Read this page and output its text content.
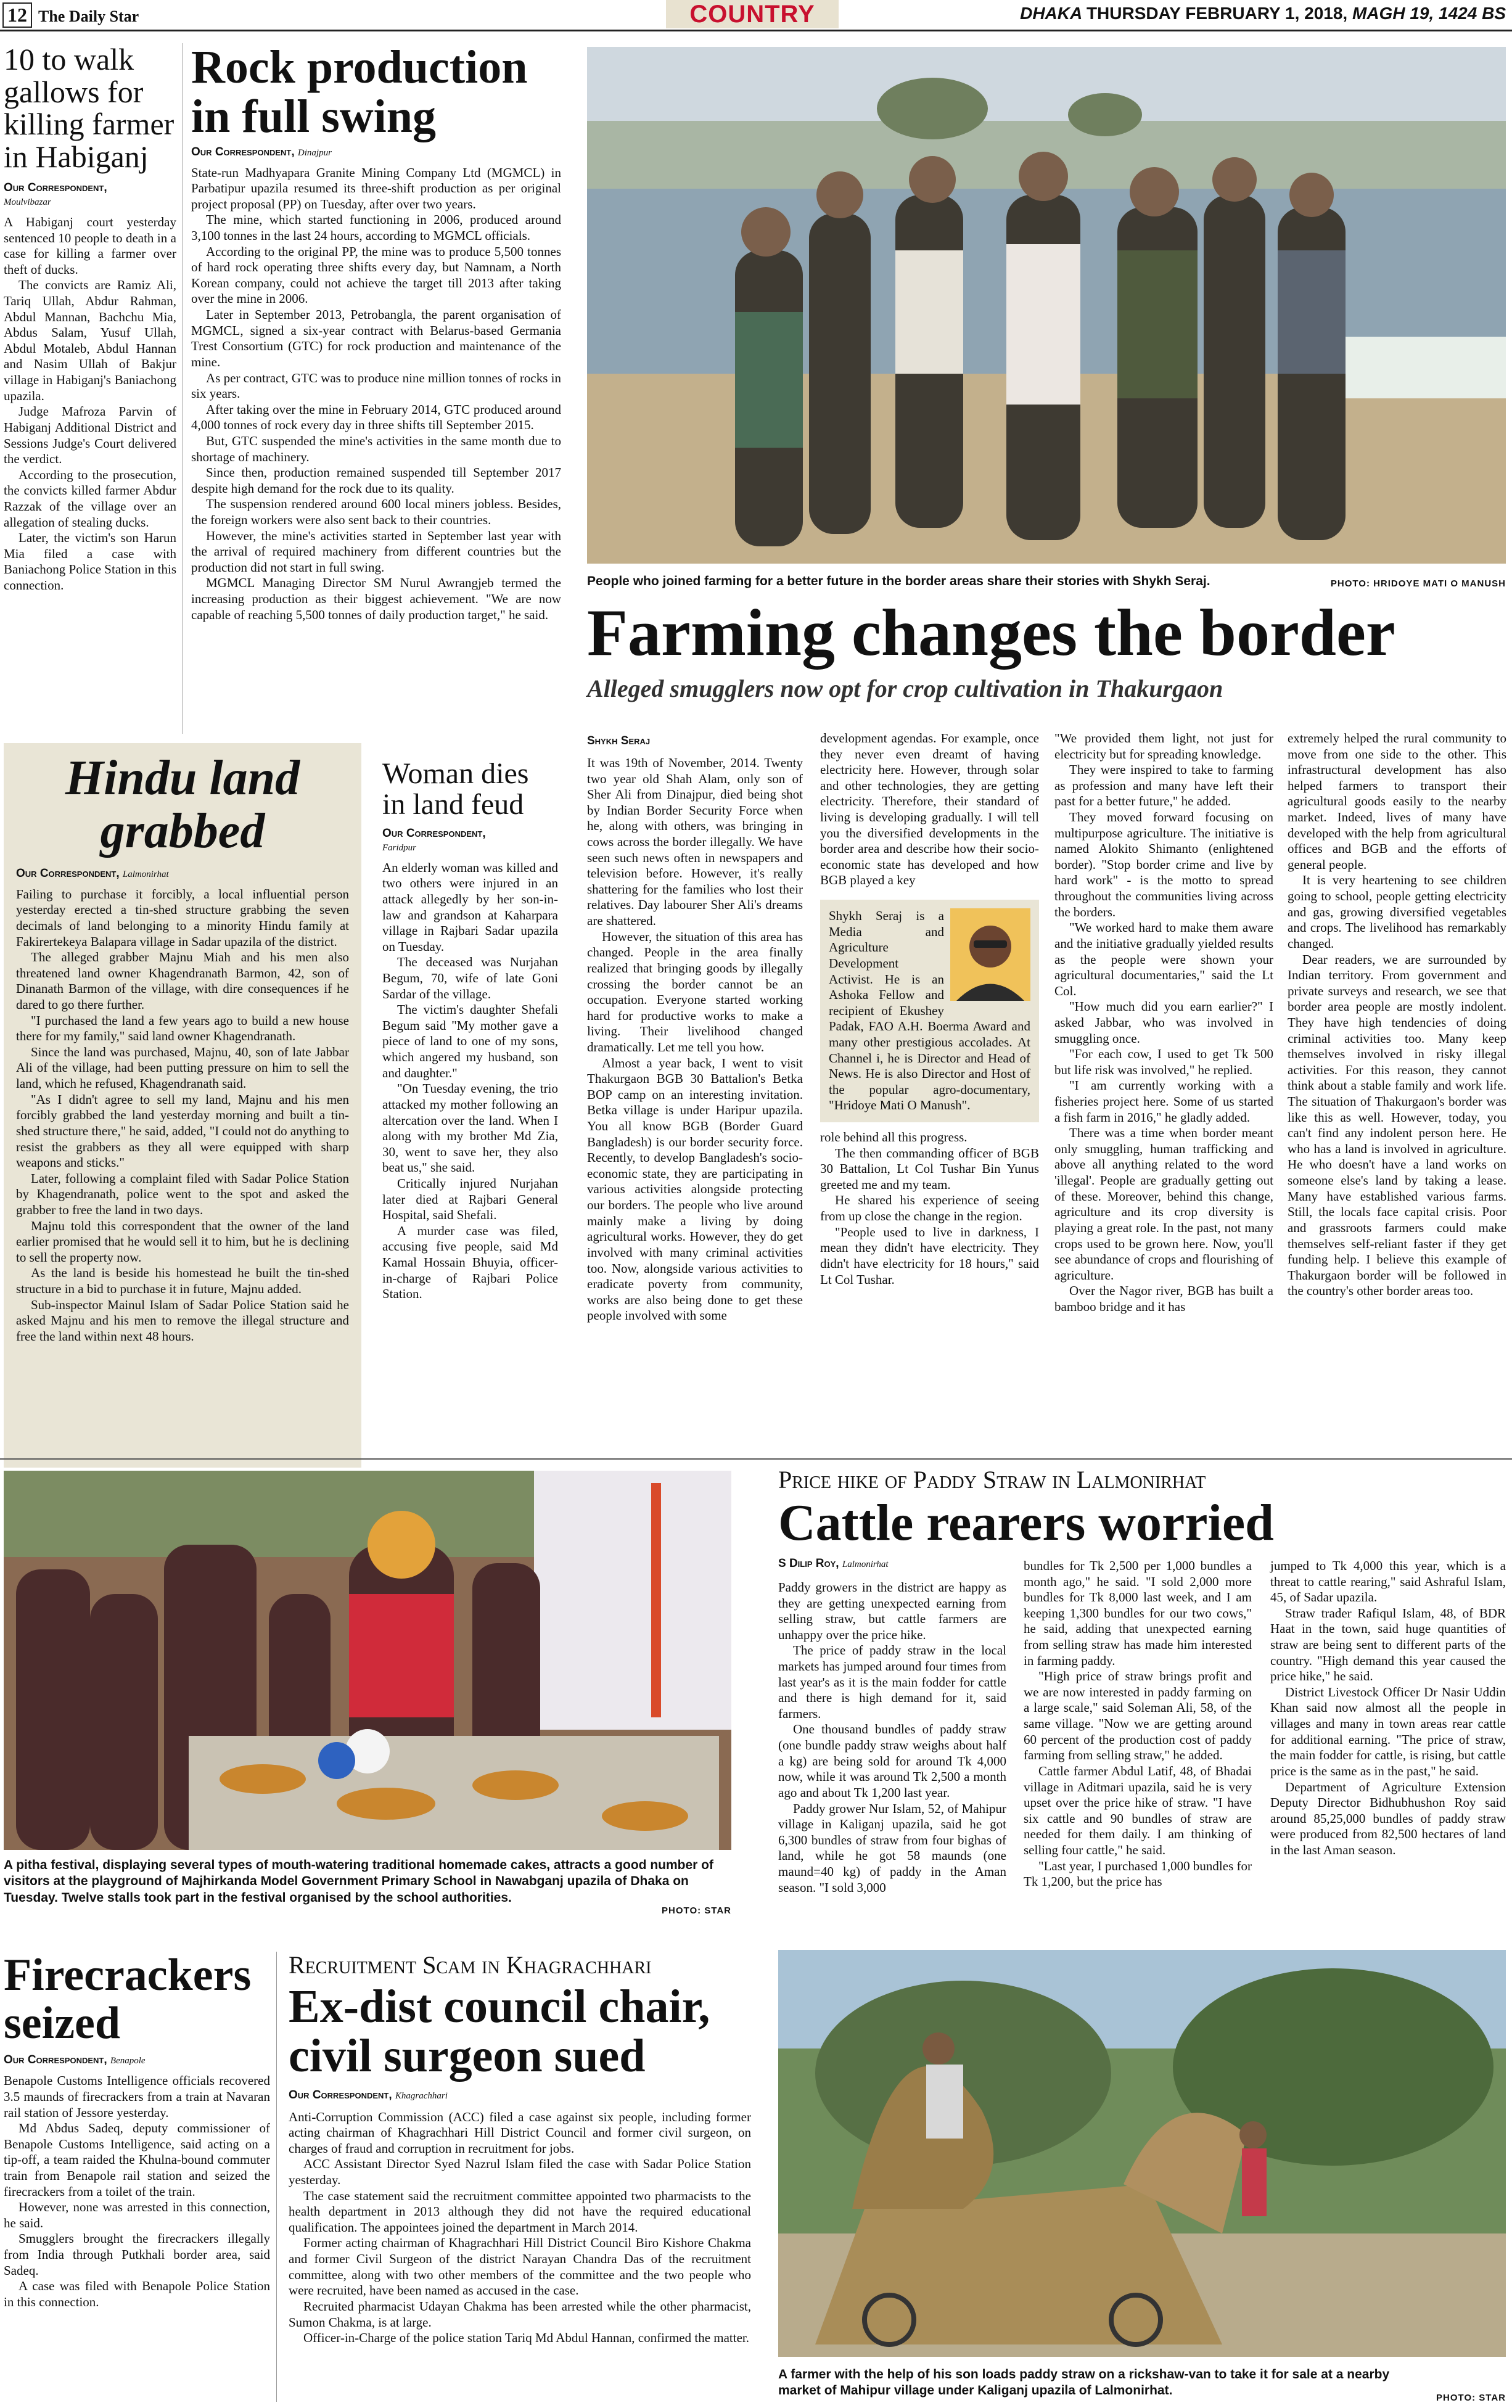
12 The Daily Star	COUNTRY	DHAKA THURSDAY FEBRUARY 1, 2018, MAGH 19, 1424 BS
10 to walk gallows for killing farmer in Habiganj
Our Correspondent,
Moulvibazar

A Habiganj court yesterday sentenced 10 people to death in a case for killing a farmer over theft of ducks.

The convicts are Ramiz Ali, Tariq Ullah, Abdur Rahman, Abdul Mannan, Bachchu Mia, Abdus Salam, Yusuf Ullah, Abdul Motaleb, Abdul Hannan and Nasim Ullah of Bakjur village in Habiganj's Baniachong upazila.

Judge Mafroza Parvin of Habiganj Additional District and Sessions Judge's Court delivered the verdict.

According to the prosecution, the convicts killed farmer Abdur Razzak of the village over an allegation of stealing ducks.

Later, the victim's son Harun Mia filed a case with Baniachong Police Station in this connection.

Rock production in full swing
Our Correspondent, Dinajpur

State-run Madhyapara Granite Mining Company Ltd (MGMCL) in Parbatipur upazila resumed its three-shift production as per original project proposal (PP) on Tuesday, after over two years.

The mine, which started functioning in 2006, produced around 3,100 tonnes in the last 24 hours, according to MGMCL officials.

According to the original PP, the mine was to produce 5,500 tonnes of hard rock operating three shifts every day, but Namnam, a North Korean company, could not achieve the target till 2013 after taking over the mine in 2006.

Later in September 2013, Petrobangla, the parent organisation of MGMCL, signed a six-year contract with Belarus-based Germania Trest Consortium (GTC) for rock production and maintenance of the mine.

As per contract, GTC was to produce nine million tonnes of rocks in six years.

After taking over the mine in February 2014, GTC produced around 4,000 tonnes of rock every day in three shifts till September 2015.

But, GTC suspended the mine's activities in the same month due to shortage of machinery.

Since then, production remained suspended till September 2017 despite high demand for the rock due to its quality.

The suspension rendered around 600 local miners jobless. Besides, the foreign workers were also sent back to their countries.

However, the mine's activities started in September last year with the arrival of required machinery from different countries but the production did not start in full swing.

MGMCL Managing Director SM Nurul Awrangjeb termed the increasing production as their biggest achievement. "We are now capable of reaching 5,500 tonnes of daily production target," he said.

People who joined farming for a better future in the border areas share their stories with Shykh Seraj.	PHOTO: HRIDOYE MATI O MANUSH
Farming changes the border
Alleged smugglers now opt for crop cultivation in Thakurgaon
Shykh Seraj

It was 19th of November, 2014. Twenty two year old Shah Alam, only son of Sher Ali from Dinajpur, died being shot by Indian Border Security Force when he, along with others, was bringing in cows across the border illegally. We have seen such news often in newspapers and television before. However, it's really shattering for the families who lost their relatives. Day labourer Sher Ali's dreams are shattered.

However, the situation of this area has changed. People in the area finally realized that bringing goods by illegally crossing the border cannot be an occupation. Everyone started working hard for productive works to make a living. Their livelihood changed dramatically. Let me tell you how.

Almost a year back, I went to visit Thakurgaon BGB 30 Battalion's Betka BOP camp on an interesting invitation. Betka village is under Haripur upazila. You all know BGB (Border Guard Bangladesh) is our border security force. Recently, to develop Bangladesh's socio-economic state, they are participating in various activities alongside protecting our borders. The people who live around mainly make a living by doing agricultural works. However, they do get involved with many criminal activities too. Now, alongside various activities to eradicate poverty from community, works are also being done to get these people involved with some

development agendas. For example, once they never even dreamt of having electricity here. However, through solar and other technologies, they are getting electricity. Therefore, their standard of living is developing gradually. I will tell you the diversified developments in the border area and describe how their socio-economic state has developed and how BGB played a key

Shykh Seraj is a Media and Agriculture Development Activist. He is an Ashoka Fellow and recipient of Ekushey Padak, FAO A.H. Boerma Award and many other prestigious accolades. At Channel i, he is Director and Head of News. He is also Director and Host of the popular agro-documentary, "Hridoye Mati O Manush".

role behind all this progress.

The then commanding officer of BGB 30 Battalion, Lt Col Tushar Bin Yunus greeted me and my team.

He shared his experience of seeing from up close the change in the region.

"People used to live in darkness, I mean they didn't have electricity. They didn't have electricity for 18 hours," said Lt Col Tushar.

"We provided them light, not just for electricity but for spreading knowledge.

They were inspired to take to farming as profession and many have left their past for a better future," he added.

They moved forward focusing on multipurpose agriculture. The initiative is named Alokito Shimanto (enlightened border). "Stop border crime and live by hard work" - is the motto to spread throughout the communities living across the borders.

"We worked hard to make them aware and the initiative gradually yielded results as the people were shown your agricultural documentaries," said the Lt Col.

"How much did you earn earlier?" I asked Jabbar, who was involved in smuggling once.

"For each cow, I used to get Tk 500 but life risk was involved," he replied.

"I am currently working with a fisheries project here. Some of us started a fish farm in 2016," he gladly added.

There was a time when border meant only smuggling, human trafficking and above all anything related to the word 'illegal'. People are gradually getting out of these. Moreover, behind this change, agriculture and its crop diversity is playing a great role. In the past, not many crops used to be grown here. Now, you'll see abundance of crops and flourishing of agriculture.

Over the Nagor river, BGB has built a bamboo bridge and it has

extremely helped the rural community to move from one side to the other. This infrastructural development has also helped farmers to transport their agricultural goods easily to the nearby market. Indeed, lives of many have developed with the help from agricultural offices and BGB and the efforts of general people.

It is very heartening to see children going to school, people getting electricity and gas, growing diversified vegetables and crops. The livelihood has remarkably changed.

Dear readers, we are surrounded by Indian territory. From government and private surveys and research, we see that border area people are mostly indolent. They have high tendencies of doing criminal activities too. Many keep themselves involved in risky illegal activities. For this reason, they cannot think about a stable family and work life. The situation of Thakurgaon's border was like this as well. However, today, you can't find any indolent person here. He who has a land is involved in agriculture. He who doesn't have a land works on someone else's land by taking a lease. Many have established various farms. Still, the locals face capital crisis. Poor and grassroots farmers could make themselves self-reliant faster if they get funding help. I believe this example of Thakurgaon border will be followed in the country's other border areas too.

Hindu land grabbed
Our Correspondent, Lalmonirhat

Failing to purchase it forcibly, a local influential person yesterday erected a tin-shed structure grabbing the seven decimals of land belonging to a minority Hindu family at Fakirertekeya Balapara village in Sadar upazila of the district.

The alleged grabber Majnu Miah and his men also threatened land owner Khagendranath Barmon, 42, son of Dinanath Barmon of the village, with dire consequences if he dared to go there further.

"I purchased the land a few years ago to build a new house there for my family," said land owner Khagendranath.

Since the land was purchased, Majnu, 40, son of late Jabbar Ali of the village, had been putting pressure on him to sell the land, which he refused, Khagendranath said.

"As I didn't agree to sell my land, Majnu and his men forcibly grabbed the land yesterday morning and built a tin-shed structure there," he said, added, "I could not do anything to resist the grabbers as they all were equipped with sharp weapons and sticks."

Later, following a complaint filed with Sadar Police Station by Khagendranath, police went to the spot and asked the grabber to free the land in two days.

Majnu told this correspondent that the owner of the land earlier promised that he would sell it to him, but he is declining to sell the property now.

As the land is beside his homestead he built the tin-shed structure in a bid to purchase it in future, Majnu added.

Sub-inspector Mainul Islam of Sadar Police Station said he asked Majnu and his men to remove the illegal structure and free the land within next 48 hours.

Woman dies in land feud
Our Correspondent,
Faridpur

An elderly woman was killed and two others were injured in an attack allegedly by her son-in-law and grandson at Kaharpara village in Rajbari Sadar upazila on Tuesday.

The deceased was Nurjahan Begum, 70, wife of late Goni Sardar of the village.

The victim's daughter Shefali Begum said "My mother gave a piece of land to one of my sons, which angered my husband, son and daughter."

"On Tuesday evening, the trio attacked my mother following an altercation over the land. When I along with my brother Md Zia, 30, went to save her, they also beat us," she said.

Critically injured Nurjahan later died at Rajbari General Hospital, said Shefali.

A murder case was filed, accusing five people, said Md Kamal Hossain Bhuyia, officer-in-charge of Rajbari Police Station.

A pitha festival, displaying several types of mouth-watering traditional homemade cakes, attracts a good number of visitors at the playground of Majhirkanda Model Government Primary School in Nawabganj upazila of Dhaka on Tuesday. Twelve stalls took part in the festival organised by the school authorities.
PHOTO: STAR
Price hike of Paddy Straw in Lalmonirhat
Cattle rearers worried
S Dilip Roy, Lalmonirhat

Paddy growers in the district are happy as they are getting unexpected earning from selling straw, but cattle farmers are unhappy over the price hike.

The price of paddy straw in the local markets has jumped around four times from last year's as it is the main fodder for cattle and there is high demand for it, said farmers.

One thousand bundles of paddy straw (one bundle paddy straw weighs about half a kg) are being sold for around Tk 4,000 now, while it was around Tk 2,500 a month ago and about Tk 1,200 last year.

Paddy grower Nur Islam, 52, of Mahipur village in Kaliganj upazila, said he got 6,300 bundles of straw from four bighas of land, while he got 58 maunds (one maund=40 kg) of paddy in the Aman season. "I sold 3,000

bundles for Tk 2,500 per 1,000 bundles a month ago," he said. "I sold 2,000 more bundles for Tk 8,000 last week, and I am keeping 1,300 bundles for our two cows," he said, adding that unexpected earning from selling straw has made him interested in farming paddy.

"High price of straw brings profit and we are now interested in paddy farming on a large scale," said Soleman Ali, 58, of the same village. "Now we are getting around 60 percent of the production cost of paddy farming from selling straw," he added.

Cattle farmer Abdul Latif, 48, of Bhadai village in Aditmari upazila, said he is very upset over the price hike of straw. "I have six cattle and 90 bundles of straw are needed for them daily. I am thinking of selling four cattle," he said.

"Last year, I purchased 1,000 bundles for Tk 1,200, but the price has

jumped to Tk 4,000 this year, which is a threat to cattle rearing," said Ashraful Islam, 45, of Sadar upazila.

Straw trader Rafiqul Islam, 48, of BDR Haat in the town, said huge quantities of straw are being sent to different parts of the country. "High demand this year caused the price hike," he said.

District Livestock Officer Dr Nasir Uddin Khan said now almost all the people in villages and many in town areas rear cattle for additional earning. "The price of straw, the main fodder for cattle, is rising, but cattle price is the same as in the past," he said.

Department of Agriculture Extension Deputy Director Bidhubhushon Roy said around 85,25,000 bundles of paddy straw were produced from 82,500 hectares of land in the last Aman season.

Firecrackers seized
Our Correspondent, Benapole

Benapole Customs Intelligence officials recovered 3.5 maunds of firecrackers from a train at Navaran rail station of Jessore yesterday.

Md Abdus Sadeq, deputy commissioner of Benapole Customs Intelligence, said acting on a tip-off, a team raided the Khulna-bound commuter train from Benapole rail station and seized the firecrackers from a toilet of the train.

However, none was arrested in this connection, he said.

Smugglers brought the firecrackers illegally from India through Putkhali border area, said Sadeq.

A case was filed with Benapole Police Station in this connection.

Recruitment Scam in Khagrachhari
Ex-dist council chair, civil surgeon sued
Our Correspondent, Khagrachhari

Anti-Corruption Commission (ACC) filed a case against six people, including former acting chairman of Khagrachhari Hill District Council and former civil surgeon, on charges of fraud and corruption in recruitment for jobs.

ACC Assistant Director Syed Nazrul Islam filed the case with Sadar Police Station yesterday.

The case statement said the recruitment committee appointed two pharmacists to the health department in 2013 although they did not have the required educational qualification. The appointees joined the department in March 2014.

Former acting chairman of Khagrachhari Hill District Council Biro Kishore Chakma and former Civil Surgeon of the district Narayan Chandra Das of the recruitment committee, along with two other members of the committee and the two people who were recruited, have been named as accused in the case.

Recruited pharmacist Udayan Chakma has been arrested while the other pharmacist, Sumon Chakma, is at large.

Officer-in-Charge of the police station Tariq Md Abdul Hannan, confirmed the matter.

A farmer with the help of his son loads paddy straw on a rickshaw-van to take it for sale at a nearby market of Mahipur village under Kaliganj upazila of Lalmonirhat.
PHOTO: STAR
